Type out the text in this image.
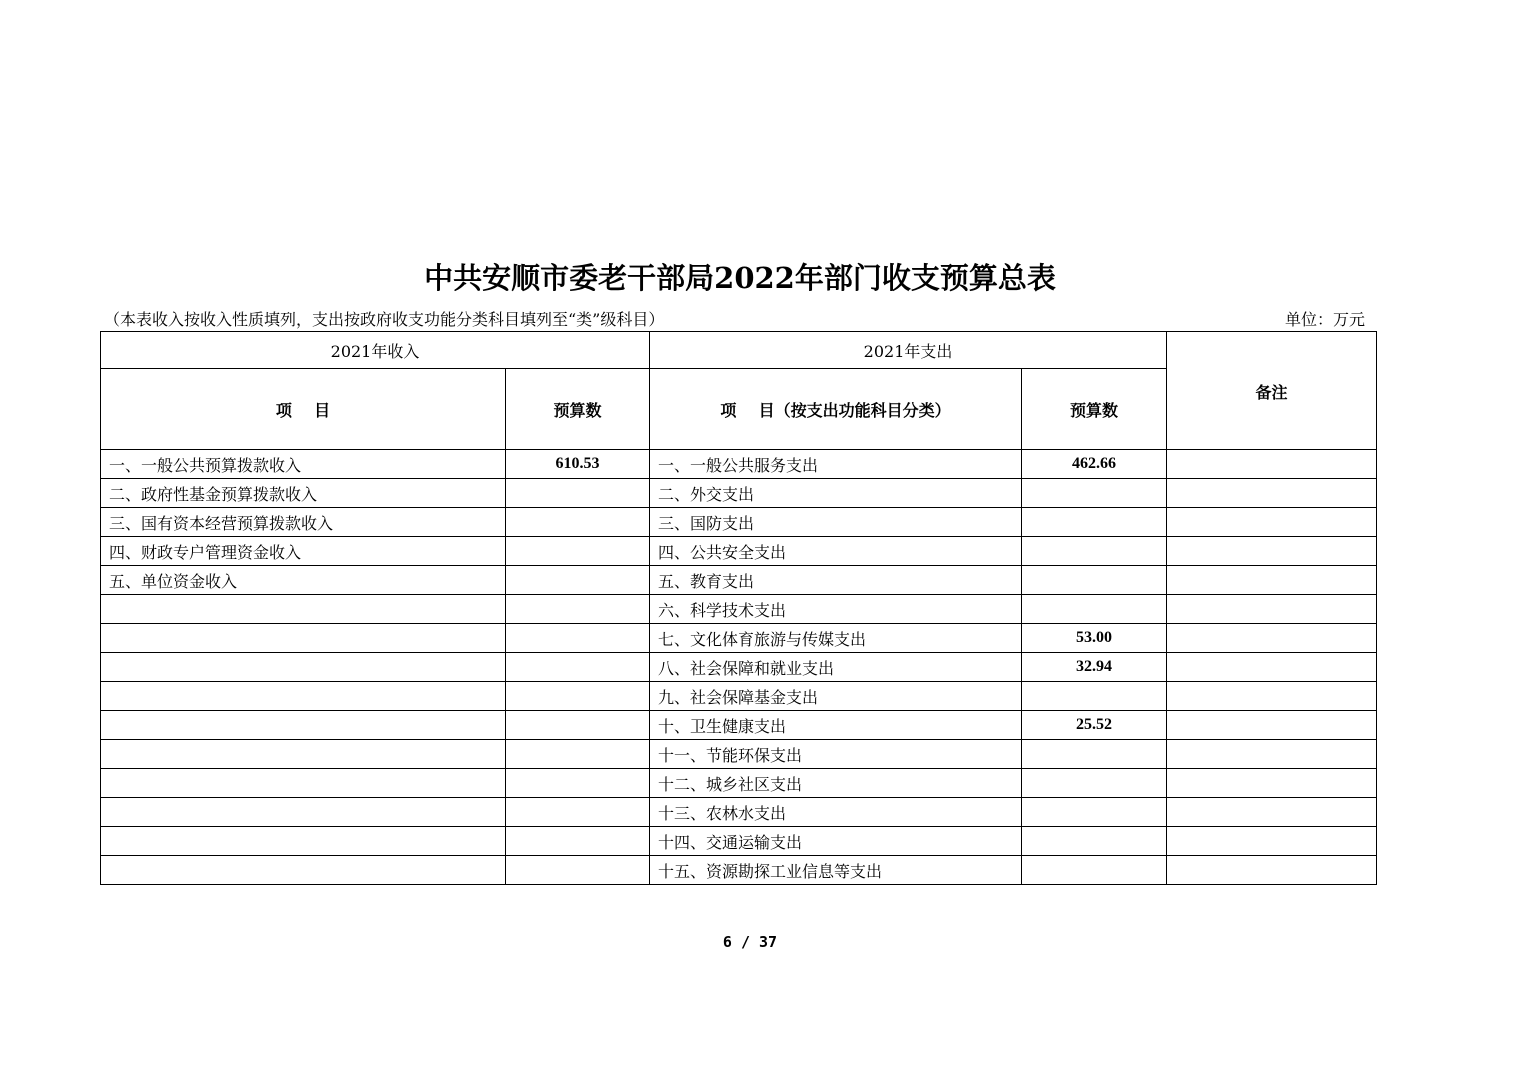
中共安顺市委老干部局2022年部门收支预算总表
（本表收入按收入性质填列，支出按政府收支功能分类科目填列至“类”级科目）	单位：万元
2021年收入		2021年支出		备注
项    目	预算数	项    目（按支出功能科目分类）	预算数	
一、一般公共预算拨款收入	610.53	一、一般公共服务支出	462.66	
二、政府性基金预算拨款收入		二、外交支出		
三、国有资本经营预算拨款收入		三、国防支出		
四、财政专户管理资金收入		四、公共安全支出		
五、单位资金收入		五、教育支出		
		六、科学技术支出		
		七、文化体育旅游与传媒支出	53.00	
		八、社会保障和就业支出	32.94	
		九、社会保障基金支出		
		十、卫生健康支出	25.52	
		十一、节能环保支出		
		十二、城乡社区支出		
		十三、农林水支出		
		十四、交通运输支出		
		十五、资源勘探工业信息等支出		
6 / 37
